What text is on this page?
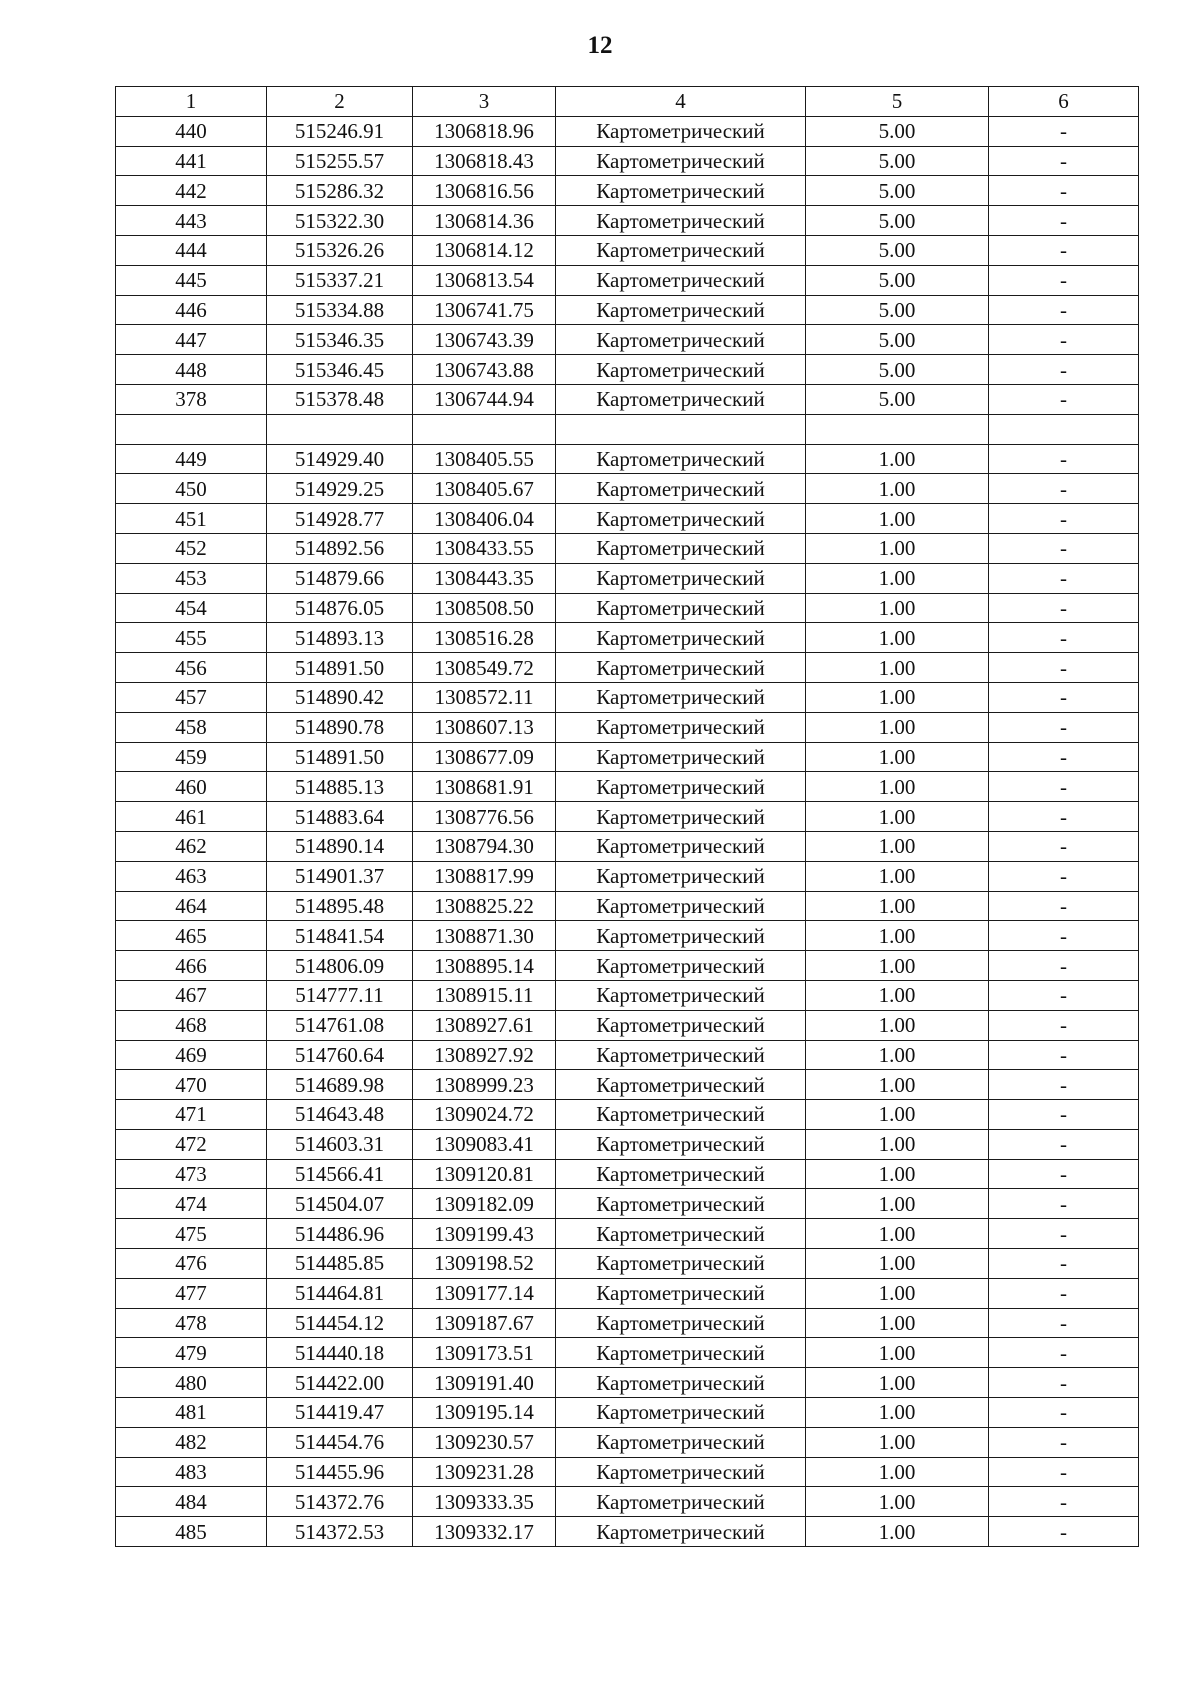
12
1	2	3	4	5	6
440	515246.91	1306818.96	Картометрический	5.00	-
441	515255.57	1306818.43	Картометрический	5.00	-
442	515286.32	1306816.56	Картометрический	5.00	-
443	515322.30	1306814.36	Картометрический	5.00	-
444	515326.26	1306814.12	Картометрический	5.00	-
445	515337.21	1306813.54	Картометрический	5.00	-
446	515334.88	1306741.75	Картометрический	5.00	-
447	515346.35	1306743.39	Картометрический	5.00	-
448	515346.45	1306743.88	Картометрический	5.00	-
378	515378.48	1306744.94	Картометрический	5.00	-

449	514929.40	1308405.55	Картометрический	1.00	-
450	514929.25	1308405.67	Картометрический	1.00	-
451	514928.77	1308406.04	Картометрический	1.00	-
452	514892.56	1308433.55	Картометрический	1.00	-
453	514879.66	1308443.35	Картометрический	1.00	-
454	514876.05	1308508.50	Картометрический	1.00	-
455	514893.13	1308516.28	Картометрический	1.00	-
456	514891.50	1308549.72	Картометрический	1.00	-
457	514890.42	1308572.11	Картометрический	1.00	-
458	514890.78	1308607.13	Картометрический	1.00	-
459	514891.50	1308677.09	Картометрический	1.00	-
460	514885.13	1308681.91	Картометрический	1.00	-
461	514883.64	1308776.56	Картометрический	1.00	-
462	514890.14	1308794.30	Картометрический	1.00	-
463	514901.37	1308817.99	Картометрический	1.00	-
464	514895.48	1308825.22	Картометрический	1.00	-
465	514841.54	1308871.30	Картометрический	1.00	-
466	514806.09	1308895.14	Картометрический	1.00	-
467	514777.11	1308915.11	Картометрический	1.00	-
468	514761.08	1308927.61	Картометрический	1.00	-
469	514760.64	1308927.92	Картометрический	1.00	-
470	514689.98	1308999.23	Картометрический	1.00	-
471	514643.48	1309024.72	Картометрический	1.00	-
472	514603.31	1309083.41	Картометрический	1.00	-
473	514566.41	1309120.81	Картометрический	1.00	-
474	514504.07	1309182.09	Картометрический	1.00	-
475	514486.96	1309199.43	Картометрический	1.00	-
476	514485.85	1309198.52	Картометрический	1.00	-
477	514464.81	1309177.14	Картометрический	1.00	-
478	514454.12	1309187.67	Картометрический	1.00	-
479	514440.18	1309173.51	Картометрический	1.00	-
480	514422.00	1309191.40	Картометрический	1.00	-
481	514419.47	1309195.14	Картометрический	1.00	-
482	514454.76	1309230.57	Картометрический	1.00	-
483	514455.96	1309231.28	Картометрический	1.00	-
484	514372.76	1309333.35	Картометрический	1.00	-
485	514372.53	1309332.17	Картометрический	1.00	-
